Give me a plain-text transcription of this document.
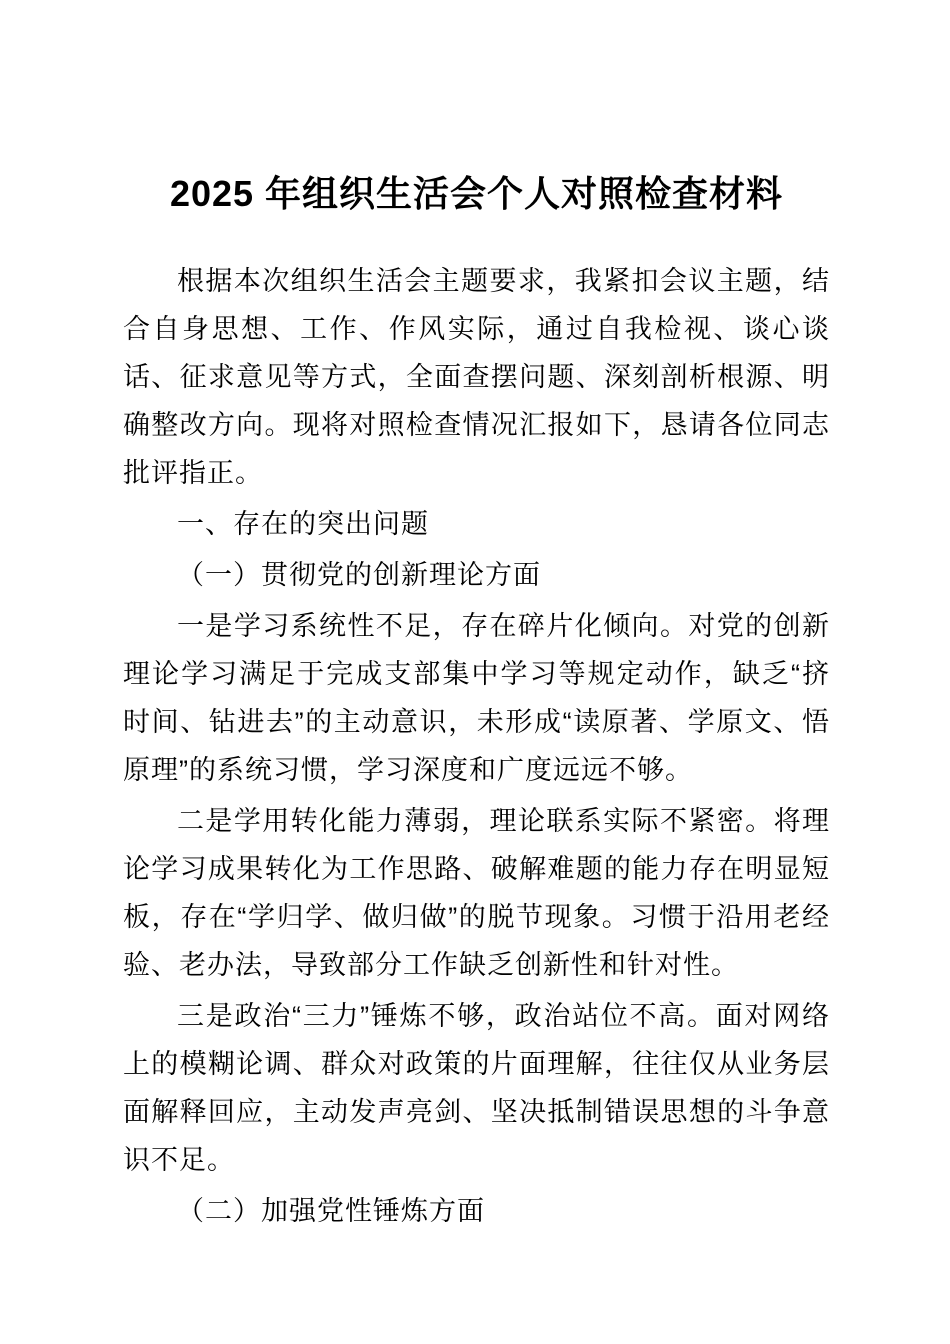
2025 年组织生活会个人对照检查材料

根据本次组织生活会主题要求，我紧扣会议主题，结合自身思想、工作、作风实际，通过自我检视、谈心谈话、征求意见等方式，全面查摆问题、深刻剖析根源、明确整改方向。现将对照检查情况汇报如下，恳请各位同志批评指正。

一、存在的突出问题

（一）贯彻党的创新理论方面

一是学习系统性不足，存在碎片化倾向。对党的创新理论学习满足于完成支部集中学习等规定动作，缺乏“挤时间、钻进去”的主动意识，未形成“读原著、学原文、悟原理”的系统习惯，学习深度和广度远远不够。

二是学用转化能力薄弱，理论联系实际不紧密。将理论学习成果转化为工作思路、破解难题的能力存在明显短板，存在“学归学、做归做”的脱节现象。习惯于沿用老经验、老办法，导致部分工作缺乏创新性和针对性。

三是政治“三力”锤炼不够，政治站位不高。面对网络上的模糊论调、群众对政策的片面理解，往往仅从业务层面解释回应，主动发声亮剑、坚决抵制错误思想的斗争意识不足。

（二）加强党性锤炼方面
